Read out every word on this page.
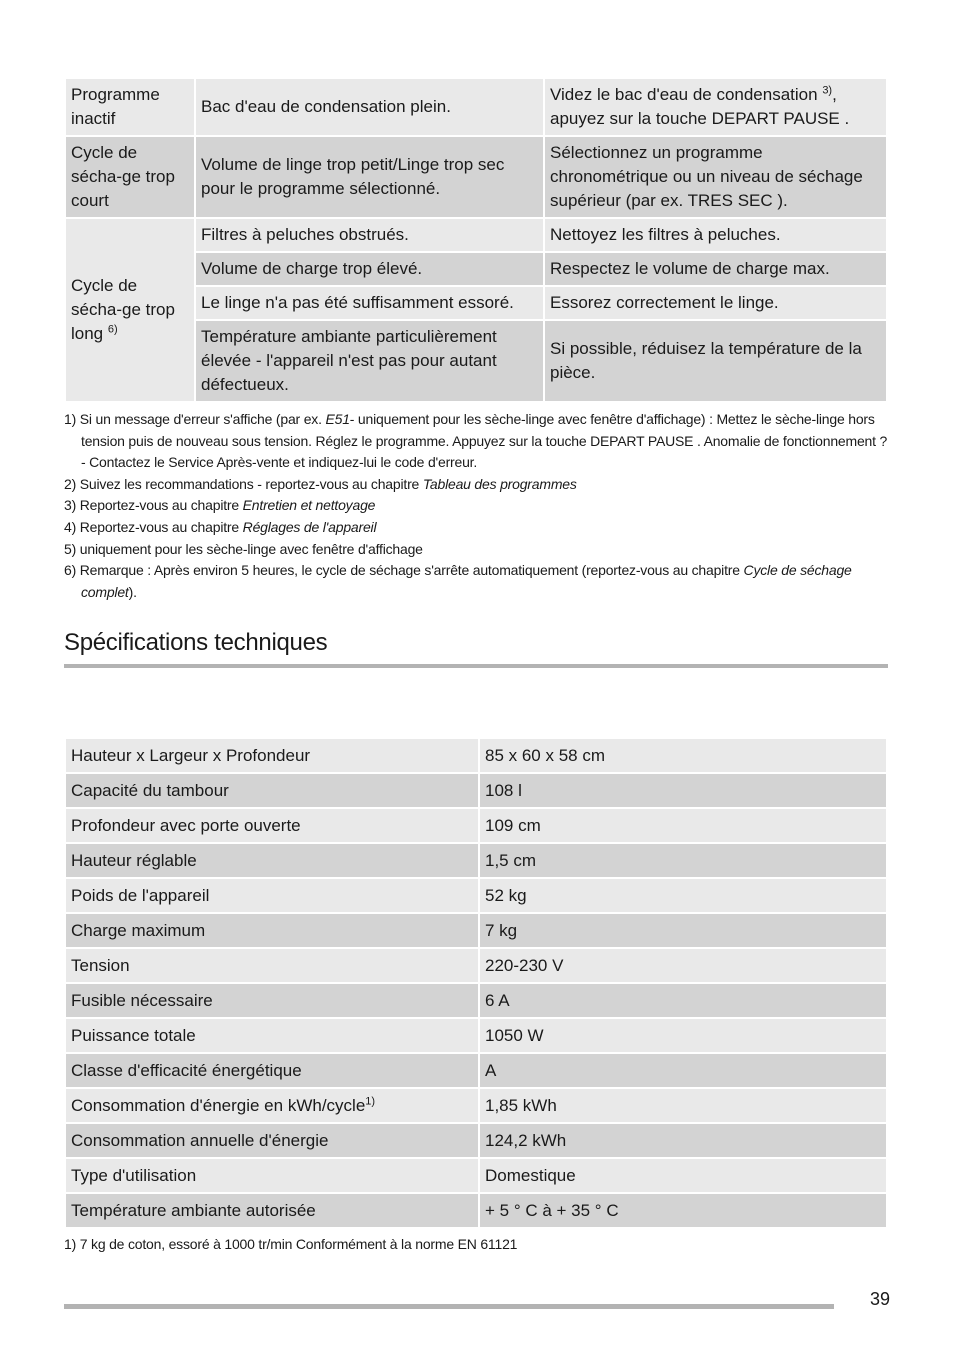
Programme inactif	Bac d'eau de condensation plein.	Videz le bac d'eau de condensation $^{3)}$, apuyez sur la touche DEPART PAUSE .
Cycle de sécha-ge trop court	Volume de linge trop petit/Linge trop sec pour le programme sélectionné.	Sélectionnez un programme chronométrique ou un niveau de séchage supérieur (par ex. TRES SEC ).
Cycle de sécha-ge trop long $^{6)}$	Filtres à peluches obstrués.	Nettoyez les filtres à peluches.
	Volume de charge trop élevé.	Respectez le volume de charge max.
	Le linge n'a pas été suffisamment essoré.	Essorez correctement le linge.
	Température ambiante particulièrement élevée - l'appareil n'est pas pour autant défectueux.	Si possible, réduisez la température de la pièce.
1) Si un message d'erreur s'affiche (par ex. E51- uniquement pour les sèche-linge avec fenêtre d'affichage) : Mettez le sèche-linge hors tension puis de nouveau sous tension. Réglez le programme. Appuyez sur la touche DEPART PAUSE . Anomalie de fonctionnement ? - Contactez le Service Après-vente et indiquez-lui le code d'erreur.
2) Suivez les recommandations - reportez-vous au chapitre Tableau des programmes
3) Reportez-vous au chapitre Entretien et nettoyage
4) Reportez-vous au chapitre Réglages de l'appareil
5) uniquement pour les sèche-linge avec fenêtre d'affichage
6) Remarque : Après environ 5 heures, le cycle de séchage s'arrête automatiquement (reportez-vous au chapitre Cycle de séchage complet).
Spécifications techniques
Hauteur x Largeur x Profondeur	85 x 60 x 58 cm
Capacité du tambour	108 l
Profondeur avec porte ouverte	109 cm
Hauteur réglable	1,5 cm
Poids de l'appareil	52 kg
Charge maximum	7 kg
Tension	220-230 V
Fusible nécessaire	6 A
Puissance totale	1050 W
Classe d'efficacité énergétique	A
Consommation d'énergie en kWh/cycle$^{1)}$	1,85 kWh
Consommation annuelle d'énergie	124,2 kWh
Type d'utilisation	Domestique
Température ambiante autorisée	+ 5 ° C à + 35 ° C
1) 7 kg de coton, essoré à 1000 tr/min Conformément à la norme EN 61121
39
